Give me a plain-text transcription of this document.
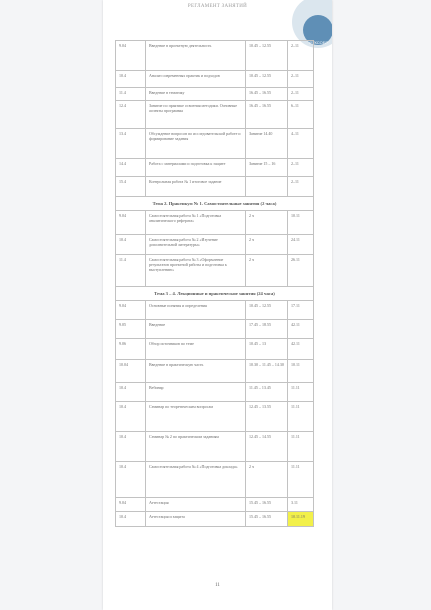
РЕГЛАМЕНТ ЗАНЯТИЙ
РУКСОБР
9.04	Введение в проектную деятельность	10.45 – 12.55	2–11
10.4	Анализ современных практик и подходов	10.45 – 12.55	2–11
11.4	Введение в тематику	16.45 – 16.55	2–11
12.4	Занятие по практике освоения методики. Основные аспекты программы	16.45 – 16.55	6–11
13.4	Обсуждение вопросов по исследовательской работе и формирование задания	Занятие 14.40	4–11
14.4	Работа с материалами и подготовка к защите	Занятие 15 – 16	2–11
15.4	Контрольная работа № 1 итоговое задание		2–11
Тема 2. Практикум № 1. Самостоятельные занятия (2 часа)			
9.04	Самостоятельная работа № 1 «Подготовка аналитического реферата»	2 ч	10.11
10.4	Самостоятельная работа № 2 «Изучение дополнительной литературы»	2 ч	24.11
11.4	Самостоятельная работа № 3 «Оформление результатов проектной работы и подготовка к выступлению»	2 ч	26.11
Тема 3 – 4. Лекционные и практические занятия (24 часа)			
9.04	Основные понятия и определения	10.45 – 12.55	17.11
9.05	Введение	17.45 – 18.55	42.11
9.06	Обзор источников по теме	10.45 – 13	42.11
10.04	Введение в практическую часть	10.30 – 11.45 – 14.30	10.11
10.4	Вебинар	11.45 – 13.45	11.11
10.4	Семинар по теоретическим вопросам	12.45 – 13.55	11.11
10.4	Семинар № 2 по практическим заданиям	12.45 – 14.55	11.11
10.4	Самостоятельная работа № 4 «Подготовка доклада»	2 ч	11.11
9.04	Аттестация	15.45 – 16.55	3.11
10.4	Аттестация и защита	15.45 – 16.55	10.11.19
11
